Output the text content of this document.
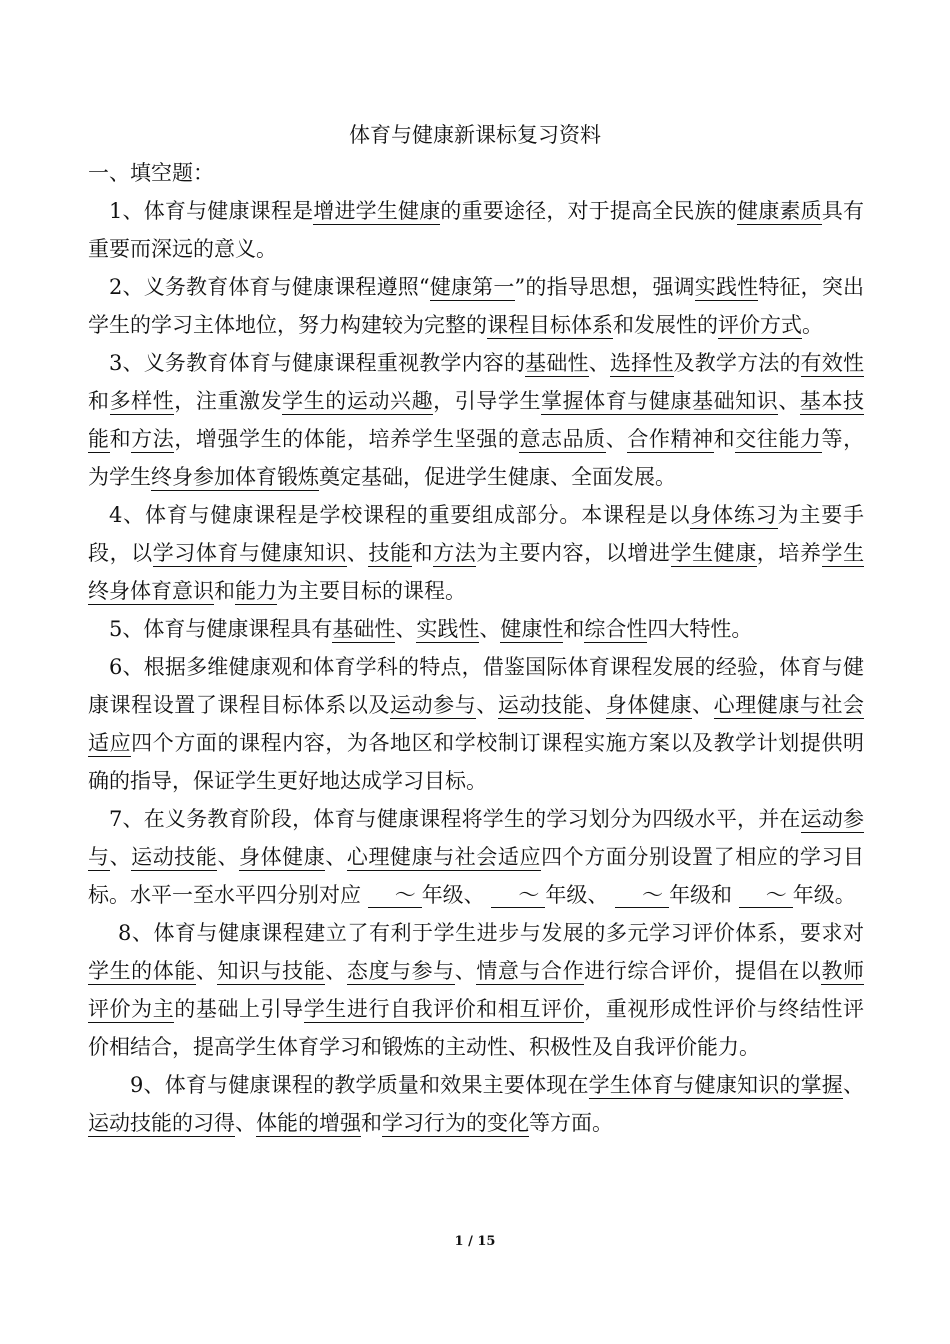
体育与健康新课标复习资料
一、填空题：

1、体育与健康课程是增进学生健康的重要途径，对于提高全民族的健康素质具有重要而深远的意义。

2、义务教育体育与健康课程遵照“健康第一”的指导思想，强调实践性特征，突出学生的学习主体地位，努力构建较为完整的课程目标体系和发展性的评价方式。

3、义务教育体育与健康课程重视教学内容的基础性、选择性及教学方法的有效性和多样性，注重激发学生的运动兴趣，引导学生掌握体育与健康基础知识、基本技能和方法，增强学生的体能，培养学生坚强的意志品质、合作精神和交往能力等，为学生终身参加体育锻炼奠定基础，促进学生健康、全面发展。

4、体育与健康课程是学校课程的重要组成部分。本课程是以身体练习为主要手段，以学习体育与健康知识、技能和方法为主要内容，以增进学生健康，培养学生终身体育意识和能力为主要目标的课程。

5、体育与健康课程具有基础性、实践性、健康性和综合性四大特性。

6、根据多维健康观和体育学科的特点，借鉴国际体育课程发展的经验，体育与健康课程设置了课程目标体系以及运动参与、运动技能、身体健康、心理健康与社会适应四个方面的课程内容，为各地区和学校制订课程实施方案以及教学计划提供明确的指导，保证学生更好地达成学习目标。

7、在义务教育阶段，体育与健康课程将学生的学习划分为四级水平，并在运动参与、运动技能、身体健康、心理健康与社会适应四个方面分别设置了相应的学习目标。水平一至水平四分别对应 ～ 年级、 ～ 年级、 ～ 年级和 ～ 年级。

8、体育与健康课程建立了有利于学生进步与发展的多元学习评价体系，要求对学生的体能、知识与技能、态度与参与、情意与合作进行综合评价，提倡在以教师评价为主的基础上引导学生进行自我评价和相互评价，重视形成性评价与终结性评价相结合，提高学生体育学习和锻炼的主动性、积极性及自我评价能力。

9、体育与健康课程的教学质量和效果主要体现在学生体育与健康知识的掌握、运动技能的习得、体能的增强和学习行为的变化等方面。

1 / 15
